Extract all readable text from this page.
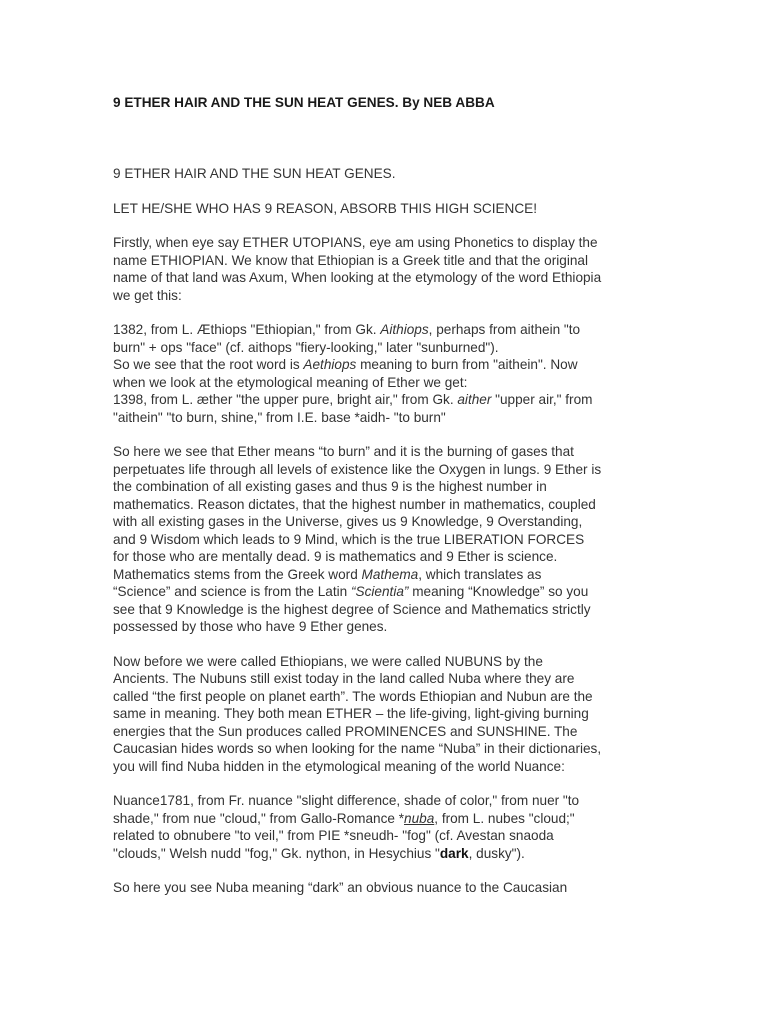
9 ETHER HAIR AND THE SUN HEAT GENES. By NEB ABBA

9 ETHER HAIR AND THE SUN HEAT GENES.

LET HE/SHE WHO HAS 9 REASON, ABSORB THIS HIGH SCIENCE!

Firstly, when eye say ETHER UTOPIANS, eye am using Phonetics to display the
name ETHIOPIAN. We know that Ethiopian is a Greek title and that the original
name of that land was Axum, When looking at the etymology of the word Ethiopia
we get this:

1382, from L. Æthiops "Ethiopian," from Gk. Aithiops, perhaps from aithein "to
burn" + ops "face" (cf. aithops "fiery-looking," later "sunburned").
So we see that the root word is Aethiops meaning to burn from "aithein". Now
when we look at the etymological meaning of Ether we get:
1398, from L. æther "the upper pure, bright air," from Gk. aither "upper air," from
"aithein" "to burn, shine," from I.E. base *aidh- "to burn"

So here we see that Ether means “to burn” and it is the burning of gases that
perpetuates life through all levels of existence like the Oxygen in lungs. 9 Ether is
the combination of all existing gases and thus 9 is the highest number in
mathematics. Reason dictates, that the highest number in mathematics, coupled
with all existing gases in the Universe, gives us 9 Knowledge, 9 Overstanding,
and 9 Wisdom which leads to 9 Mind, which is the true LIBERATION FORCES
for those who are mentally dead. 9 is mathematics and 9 Ether is science.
Mathematics stems from the Greek word Mathema, which translates as
“Science” and science is from the Latin “Scientia” meaning “Knowledge” so you
see that 9 Knowledge is the highest degree of Science and Mathematics strictly
possessed by those who have 9 Ether genes.

Now before we were called Ethiopians, we were called NUBUNS by the
Ancients. The Nubuns still exist today in the land called Nuba where they are
called “the first people on planet earth”. The words Ethiopian and Nubun are the
same in meaning. They both mean ETHER – the life-giving, light-giving burning
energies that the Sun produces called PROMINENCES and SUNSHINE. The
Caucasian hides words so when looking for the name “Nuba” in their dictionaries,
you will find Nuba hidden in the etymological meaning of the world Nuance:

Nuance1781, from Fr. nuance "slight difference, shade of color," from nuer "to
shade," from nue "cloud," from Gallo-Romance *nuba, from L. nubes "cloud;"
related to obnubere "to veil," from PIE *sneudh- "fog" (cf. Avestan snaoda
"clouds," Welsh nudd "fog," Gk. nython, in Hesychius "dark, dusky").

So here you see Nuba meaning “dark” an obvious nuance to the Caucasian
